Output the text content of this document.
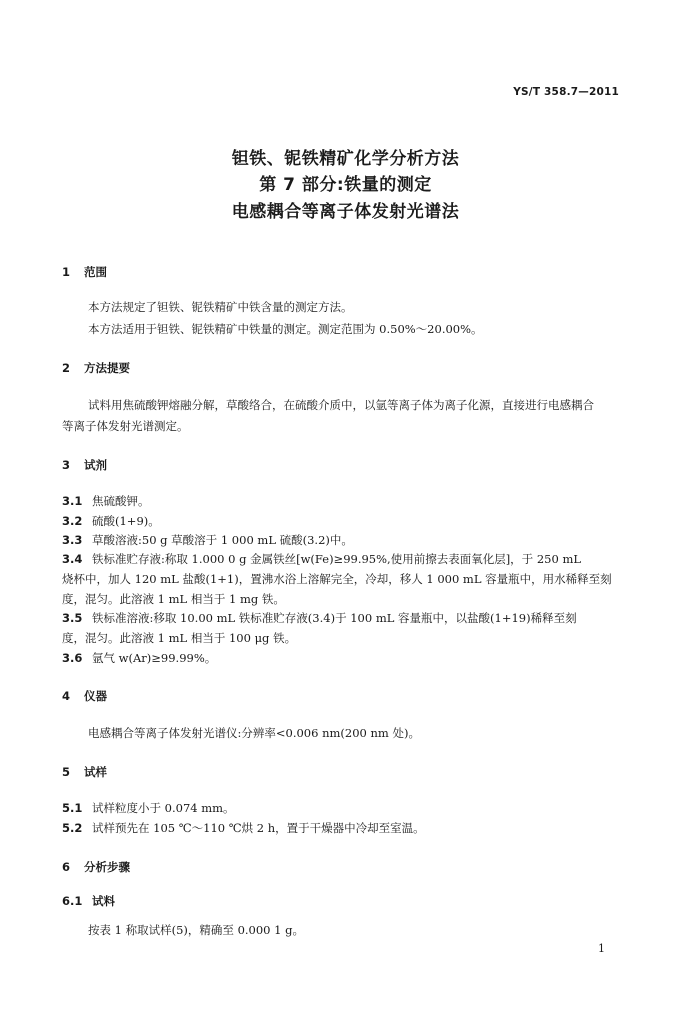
YS/T 358.7—2011
钽铁、铌铁精矿化学分析方法
第 7 部分:铁量的测定
电感耦合等离子体发射光谱法
1 范围
本方法规定了钽铁、铌铁精矿中铁含量的测定方法。
本方法适用于钽铁、铌铁精矿中铁量的测定。测定范围为 0.50%～20.00%。
2 方法提要
试料用焦硫酸钾熔融分解，草酸络合，在硫酸介质中，以氩等离子体为离子化源，直接进行电感耦合
等离子体发射光谱测定。
3 试剂
3.1 焦硫酸钾。
3.2 硫酸(1+9)。
3.3 草酸溶液:50 g 草酸溶于 1 000 mL 硫酸(3.2)中。
3.4 铁标准贮存液:称取 1.000 0 g 金属铁丝[w(Fe)≥99.95%,使用前擦去表面氧化层]，于 250 mL
烧杯中，加人 120 mL 盐酸(1+1)，置沸水浴上溶解完全，冷却，移人 1 000 mL 容量瓶中，用水稀释至刻
度，混匀。此溶液 1 mL 相当于 1 mg 铁。
3.5 铁标准溶液:移取 10.00 mL 铁标准贮存液(3.4)于 100 mL 容量瓶中，以盐酸(1+19)稀释至刻
度，混匀。此溶液 1 mL 相当于 100 μg 铁。
3.6 氩气 w(Ar)≥99.99%。
4 仪器
电感耦合等离子体发射光谱仪:分辨率<0.006 nm(200 nm 处)。
5 试样
5.1 试样粒度小于 0.074 mm。
5.2 试样预先在 105 ℃～110 ℃烘 2 h，置于干燥器中冷却至室温。
6 分析步骤
6.1 试料
按表 1 称取试样(5)，精确至 0.000 1 g。
1
